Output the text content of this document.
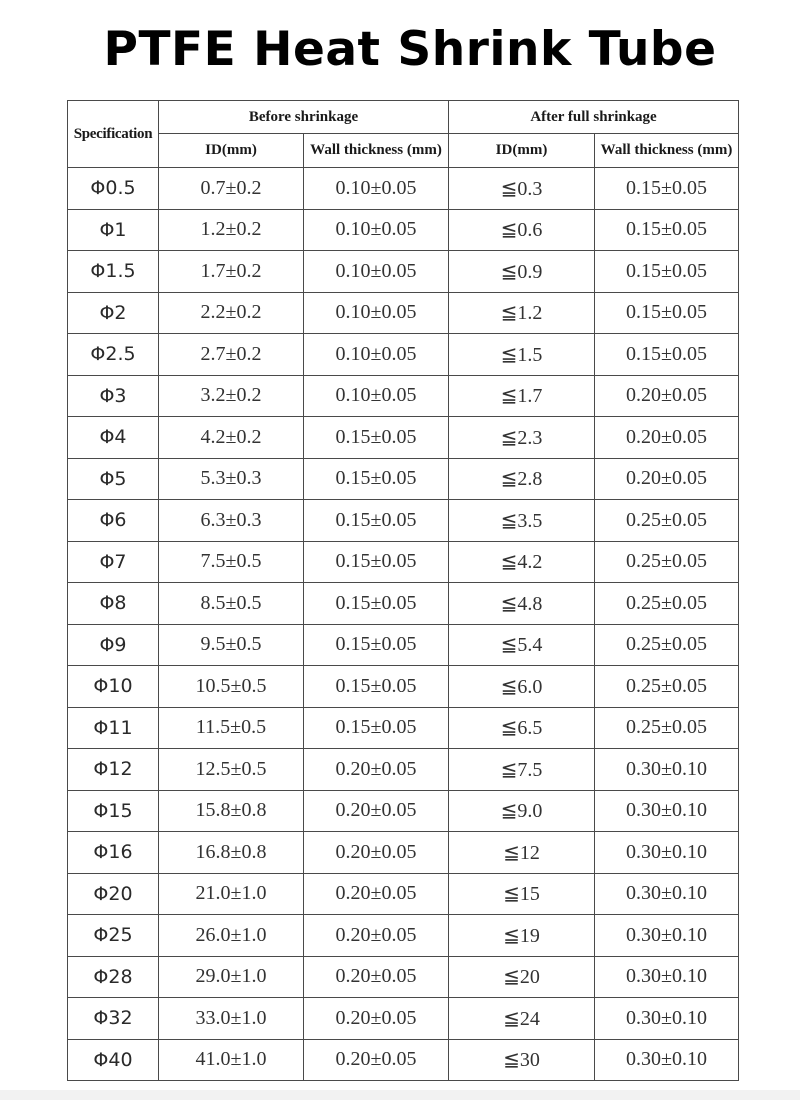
PTFE Heat Shrink Tube
Specification	Before shrinkage		After full shrinkage	
	ID(mm)	Wall thickness (mm)	ID(mm)	Wall thickness (mm)
Φ0.5	0.7±0.2	0.10±0.05	≦0.3	0.15±0.05
Φ1	1.2±0.2	0.10±0.05	≦0.6	0.15±0.05
Φ1.5	1.7±0.2	0.10±0.05	≦0.9	0.15±0.05
Φ2	2.2±0.2	0.10±0.05	≦1.2	0.15±0.05
Φ2.5	2.7±0.2	0.10±0.05	≦1.5	0.15±0.05
Φ3	3.2±0.2	0.10±0.05	≦1.7	0.20±0.05
Φ4	4.2±0.2	0.15±0.05	≦2.3	0.20±0.05
Φ5	5.3±0.3	0.15±0.05	≦2.8	0.20±0.05
Φ6	6.3±0.3	0.15±0.05	≦3.5	0.25±0.05
Φ7	7.5±0.5	0.15±0.05	≦4.2	0.25±0.05
Φ8	8.5±0.5	0.15±0.05	≦4.8	0.25±0.05
Φ9	9.5±0.5	0.15±0.05	≦5.4	0.25±0.05
Φ10	10.5±0.5	0.15±0.05	≦6.0	0.25±0.05
Φ11	11.5±0.5	0.15±0.05	≦6.5	0.25±0.05
Φ12	12.5±0.5	0.20±0.05	≦7.5	0.30±0.10
Φ15	15.8±0.8	0.20±0.05	≦9.0	0.30±0.10
Φ16	16.8±0.8	0.20±0.05	≦12	0.30±0.10
Φ20	21.0±1.0	0.20±0.05	≦15	0.30±0.10
Φ25	26.0±1.0	0.20±0.05	≦19	0.30±0.10
Φ28	29.0±1.0	0.20±0.05	≦20	0.30±0.10
Φ32	33.0±1.0	0.20±0.05	≦24	0.30±0.10
Φ40	41.0±1.0	0.20±0.05	≦30	0.30±0.10
